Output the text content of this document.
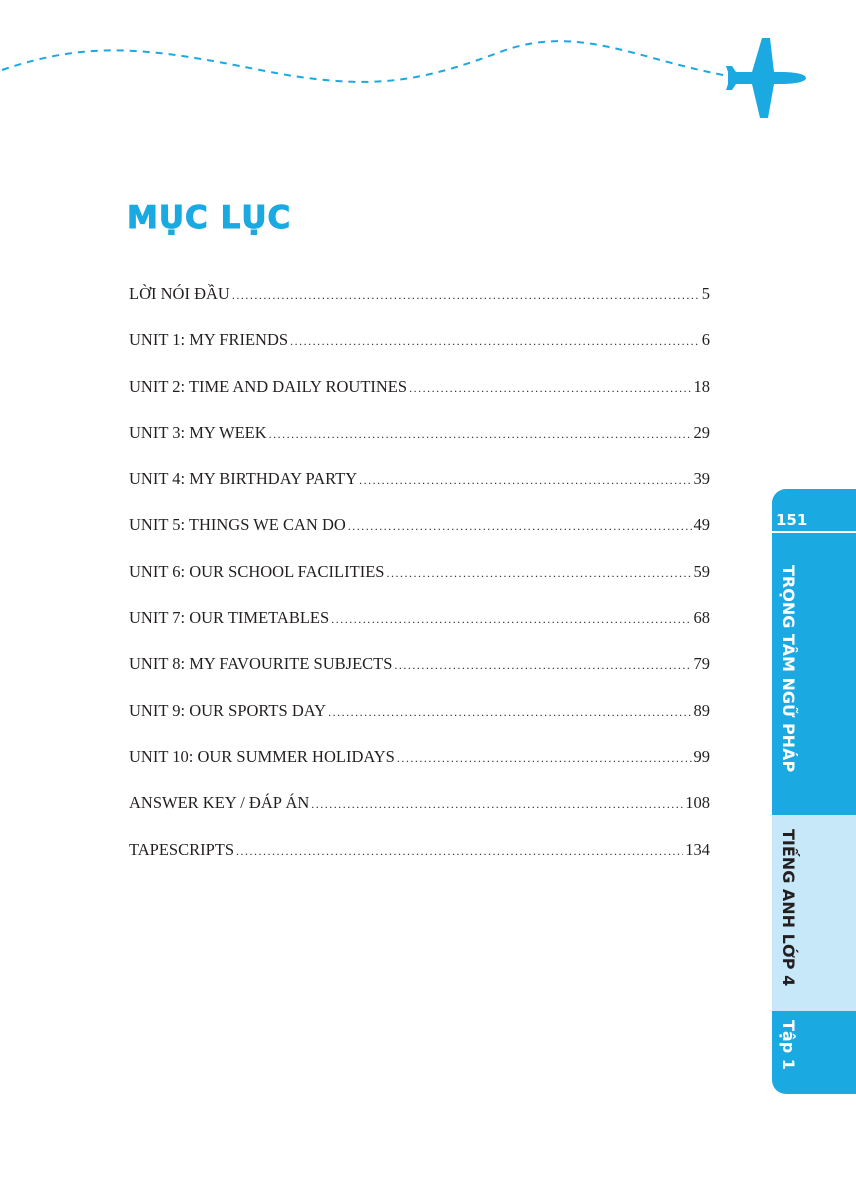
MỤC LỤC
LỜI NÓI ĐẦU .....	5
UNIT 1: MY FRIENDS .....	6
UNIT 2: TIME AND DAILY ROUTINES .....	18
UNIT 3: MY WEEK .....	29
UNIT 4: MY BIRTHDAY PARTY .....	39
UNIT 5: THINGS WE CAN DO .....	49
UNIT 6: OUR SCHOOL FACILITIES .....	59
UNIT 7: OUR TIMETABLES .....	68
UNIT 8: MY FAVOURITE SUBJECTS .....	79
UNIT 9: OUR SPORTS DAY .....	89
UNIT 10: OUR SUMMER HOLIDAYS .....	99
ANSWER KEY / ĐÁP ÁN .....	108
TAPESCRIPTS .....	134
151
TRỌNG TÂM NGỮ PHÁP
TIẾNG ANH LỚP 4
Tập 1
